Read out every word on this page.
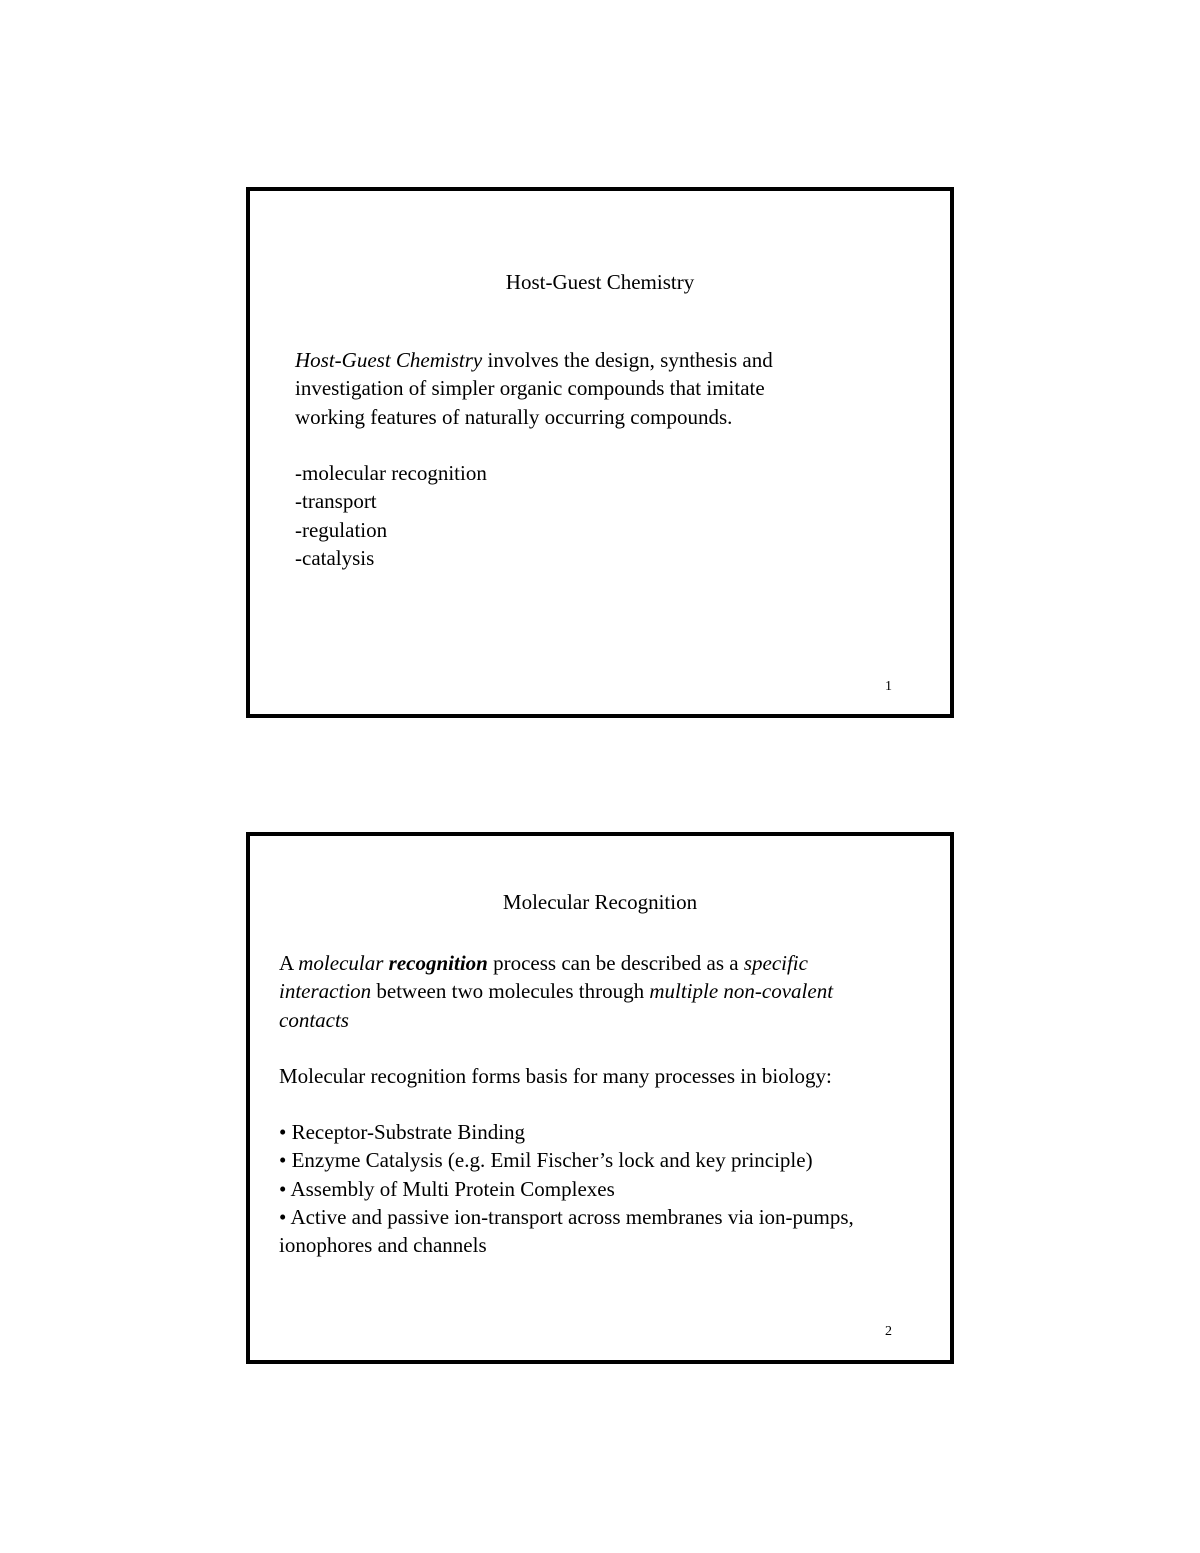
Host-Guest Chemistry
Host-Guest Chemistry involves the design, synthesis and
investigation of simpler organic compounds that imitate
working features of naturally occurring compounds.
-molecular recognition
-transport
-regulation
-catalysis
1
Molecular Recognition
A molecular recognition process can be described as a specific
interaction between two molecules through multiple non-covalent
contacts

Molecular recognition forms basis for many processes in biology:

• Receptor-Substrate Binding
• Enzyme Catalysis (e.g. Emil Fischer’s lock and key principle)
• Assembly of Multi Protein Complexes
• Active and passive ion-transport across membranes via ion-pumps,
ionophores and channels
2
